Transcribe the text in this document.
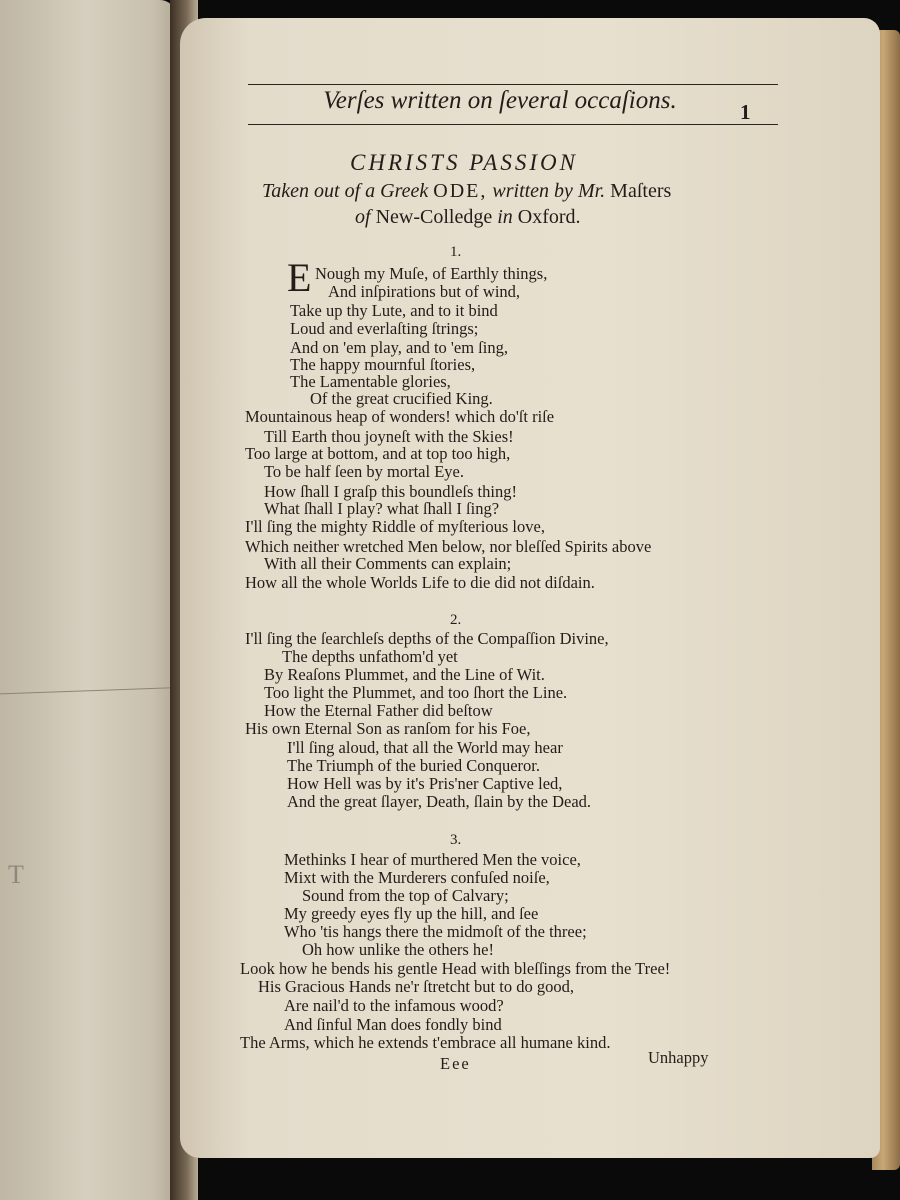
T
Verſes written on ſeveral occaſions.	1
CHRISTS PASSION
Taken out of a Greek ODE, written by Mr. Maſters
of New-Colledge in Oxford.
1.
E Nough my Muſe, of Earthly things,
And inſpirations but of wind,
Take up thy Lute, and to it bind
Loud and everlaſting ſtrings;
And on 'em play, and to 'em ſing,
The happy mournful ſtories,
The Lamentable glories,
Of the great crucified King.
Mountainous heap of wonders! which do'ſt riſe
Till Earth thou joyneſt with the Skies!
Too large at bottom, and at top too high,
To be half ſeen by mortal Eye.
How ſhall I graſp this boundleſs thing!
What ſhall I play? what ſhall I ſing?
I'll ſing the mighty Riddle of myſterious love,
Which neither wretched Men below, nor bleſſed Spirits above
With all their Comments can explain;
How all the whole Worlds Life to die did not diſdain.
2.
I'll ſing the ſearchleſs depths of the Compaſſion Divine,
The depths unfathom'd yet
By Reaſons Plummet, and the Line of Wit.
Too light the Plummet, and too ſhort the Line.
How the Eternal Father did beſtow
His own Eternal Son as ranſom for his Foe,
I'll ſing aloud, that all the World may hear
The Triumph of the buried Conqueror.
How Hell was by it's Pris'ner Captive led,
And the great ſlayer, Death, ſlain by the Dead.
3.
Methinks I hear of murthered Men the voice,
Mixt with the Murderers confuſed noiſe,
Sound from the top of Calvary;
My greedy eyes fly up the hill, and ſee
Who 'tis hangs there the midmoſt of the three;
Oh how unlike the others he!
Look how he bends his gentle Head with bleſſings from the Tree!
His Gracious Hands ne'r ſtretcht but to do good,
Are nail'd to the infamous wood?
And ſinful Man does fondly bind
The Arms, which he extends t'embrace all humane kind.
Eee	Unhappy
